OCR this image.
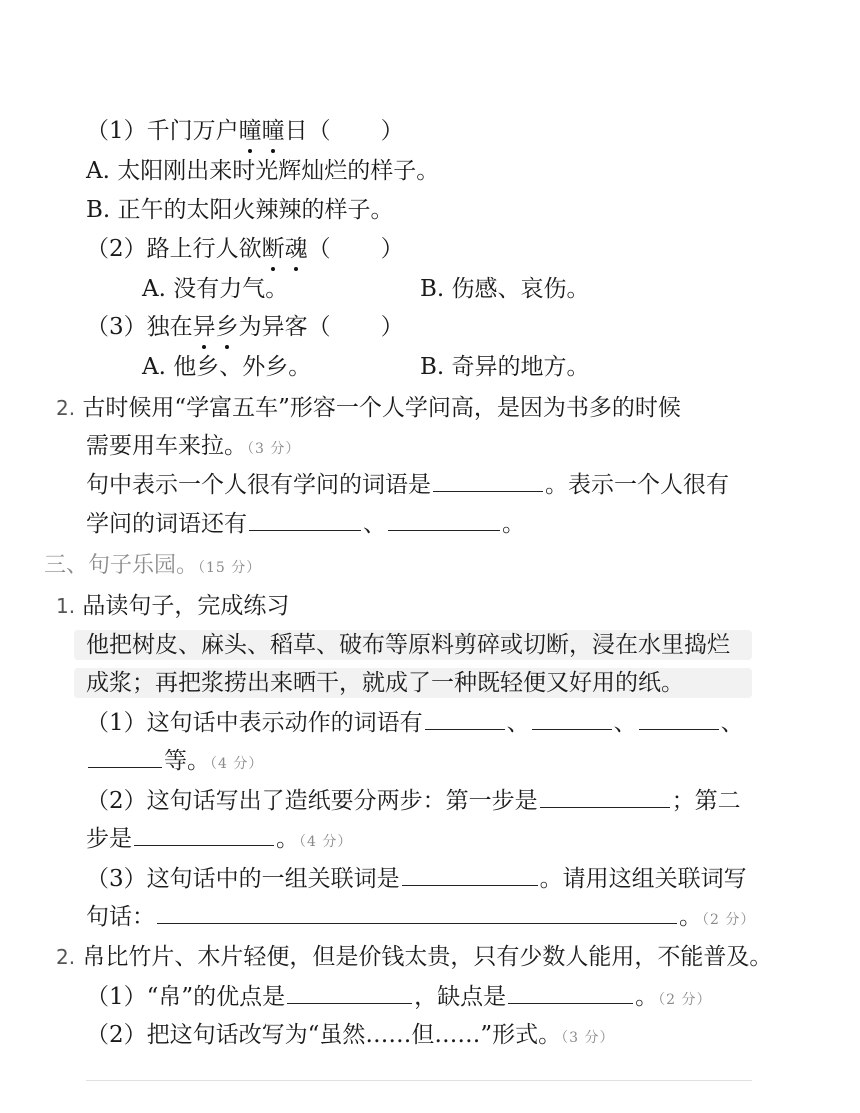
（1）千门万户曈曈日（ ）
A. 太阳刚出来时光辉灿烂的样子。
B. 正午的太阳火辣辣的样子。
（2）路上行人欲断魂（ ）
A. 没有力气。	B. 伤感、哀伤。
（3）独在异乡为异客（ ）
A. 他乡、外乡。	B. 奇异的地方。
2. 古时候用“学富五车”形容一个人学问高，是因为书多的时候
需要用车来拉。（3 分）
句中表示一个人很有学问的词语是	。表示一个人很有
学问的词语还有	、	。
三、句子乐园。（15 分）
1. 品读句子，完成练习
他把树皮、麻头、稻草、破布等原料剪碎或切断，浸在水里捣烂
成浆；再把浆捞出来晒干，就成了一种既轻便又好用的纸。
（1）这句话中表示动作的词语有	、	、	、
等。（4 分）
（2）这句话写出了造纸要分两步：第一步是	；第二
步是	。（4 分）
（3）这句话中的一组关联词是	。请用这组关联词写
句话：	。（2 分）
2. 帛比竹片、木片轻便，但是价钱太贵，只有少数人能用，不能普及。
（1）“帛”的优点是	，缺点是	。（2 分）
（2）把这句话改写为“虽然……但……”形式。（3 分）
